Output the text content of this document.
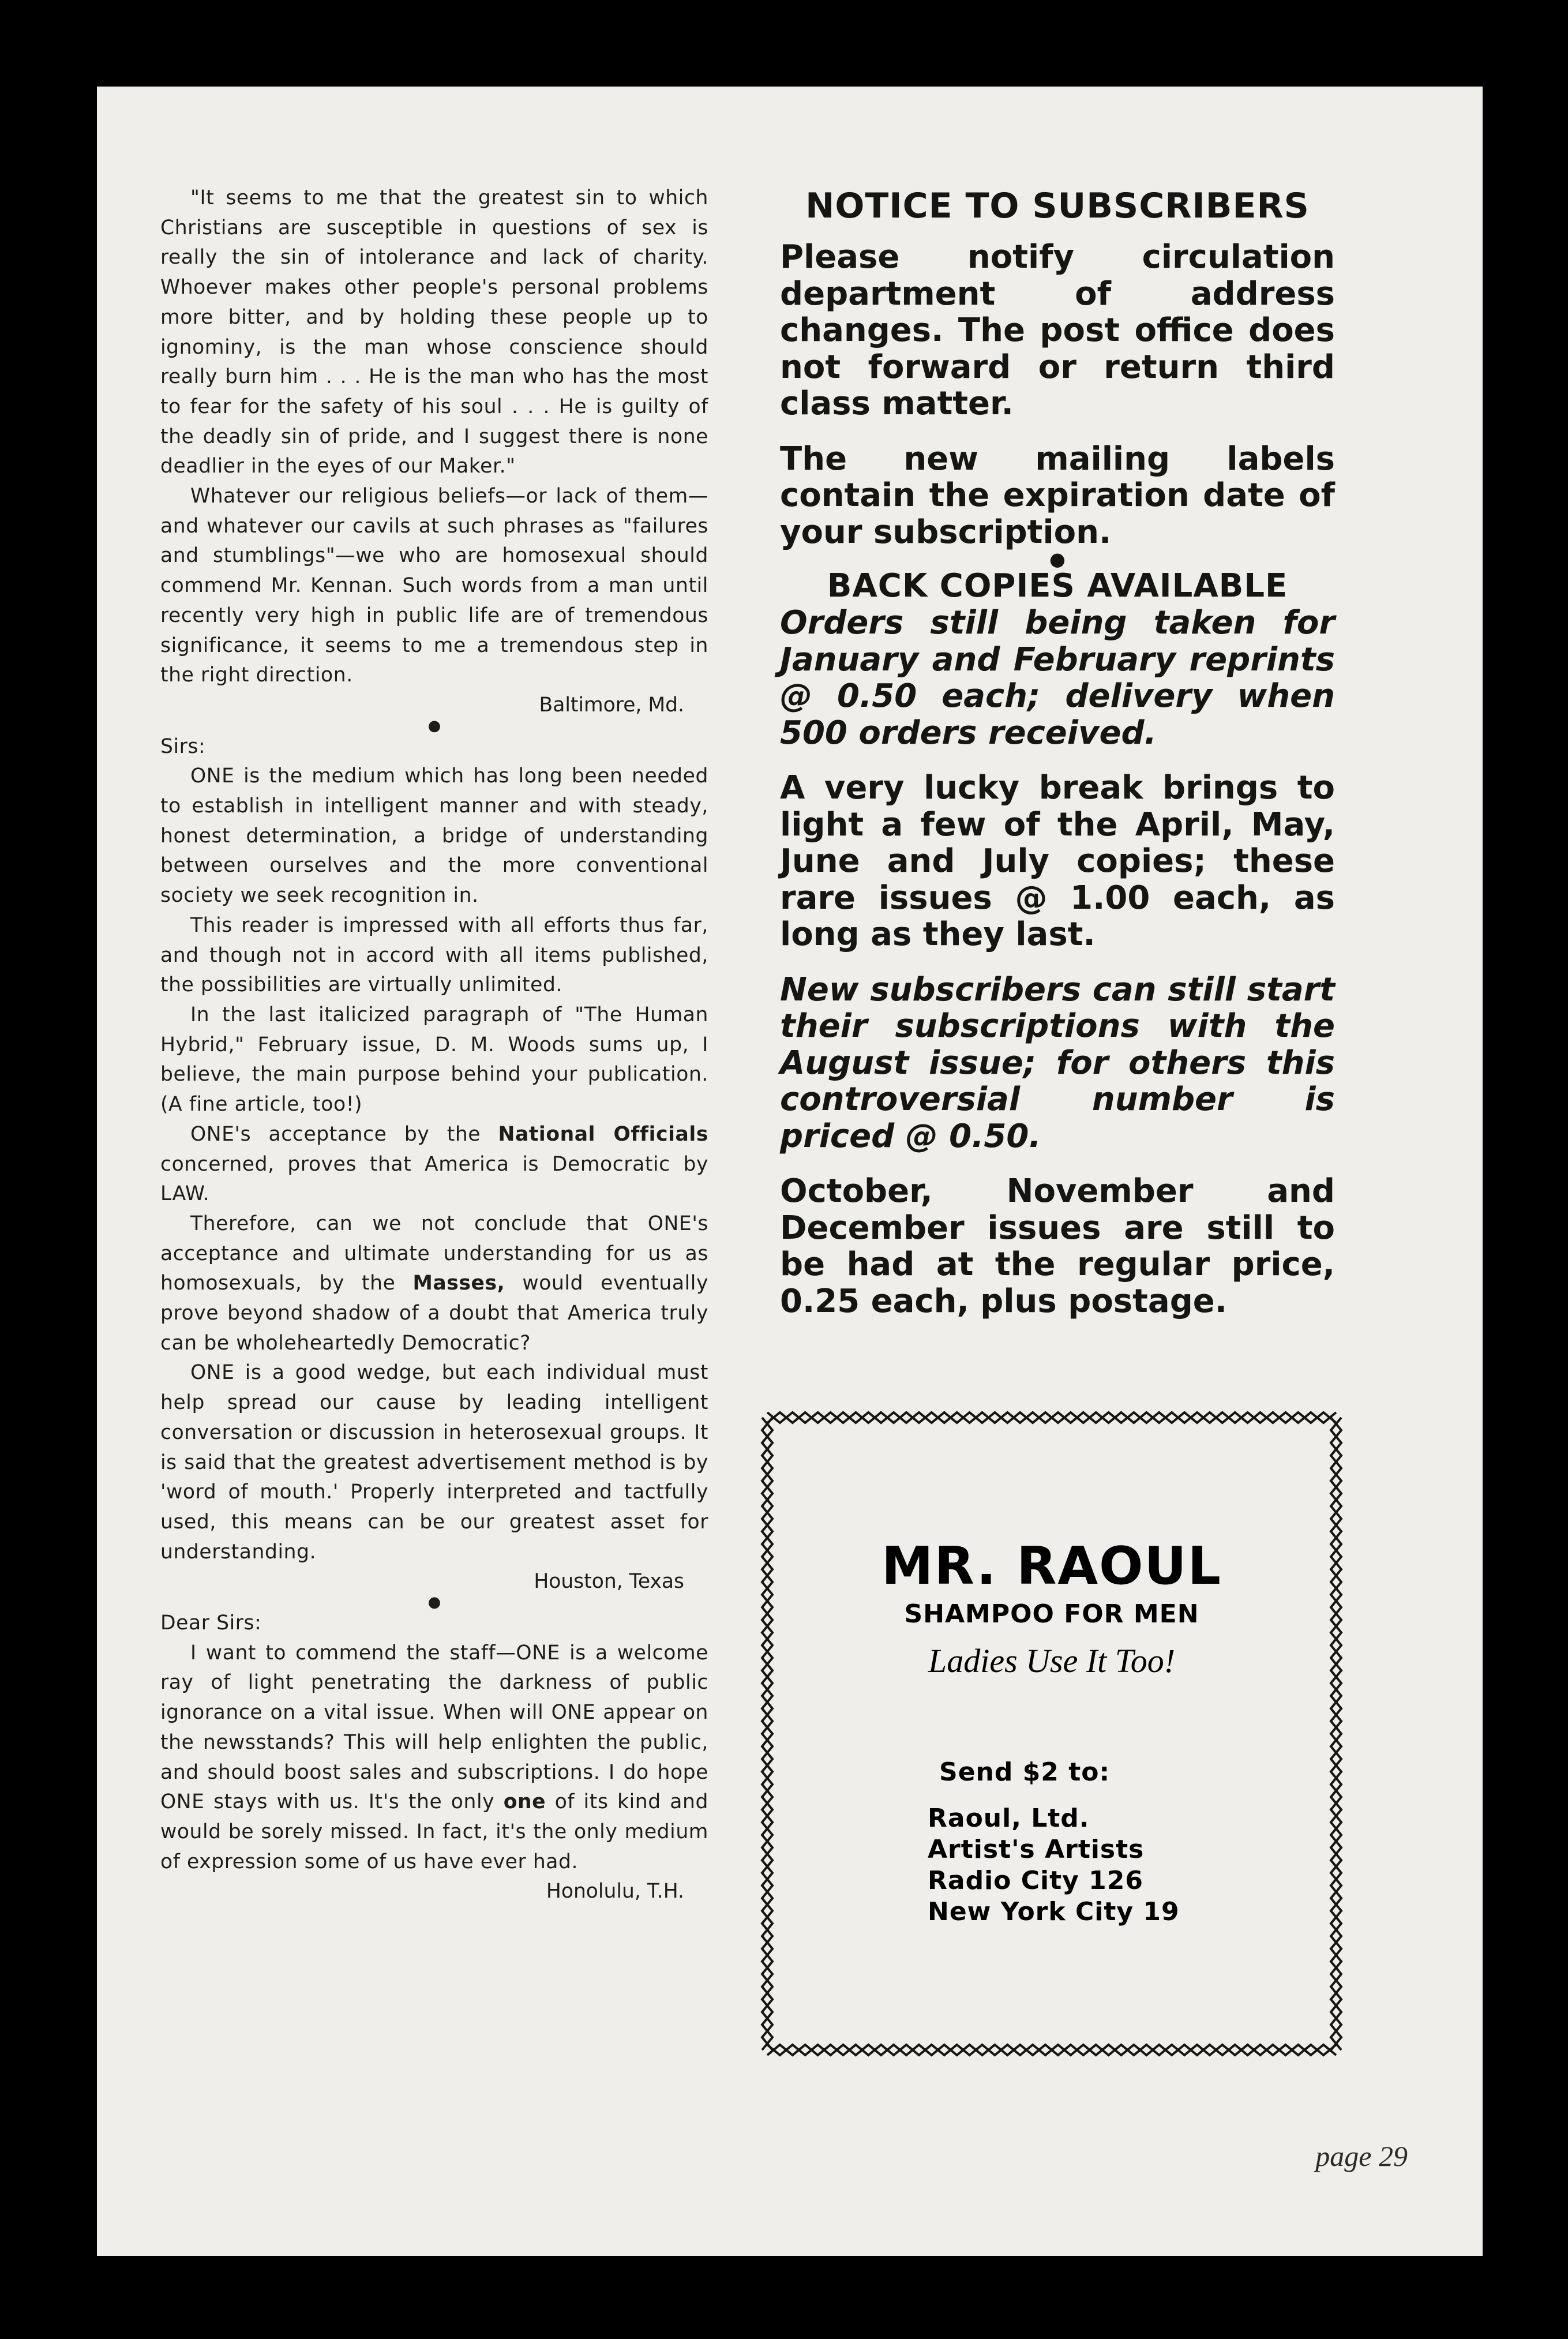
"It seems to me that the greatest sin to which Christians are susceptible in questions of sex is really the sin of intolerance and lack of charity. Whoever makes other people's personal problems more bitter, and by holding these people up to ignominy, is the man whose conscience should really burn him . . . He is the man who has the most to fear for the safety of his soul . . . He is guilty of the deadly sin of pride, and I suggest there is none deadlier in the eyes of our Maker."

Whatever our religious beliefs—or lack of them—and whatever our cavils at such phrases as "failures and stumblings"—we who are homosexual should commend Mr. Kennan. Such words from a man until recently very high in public life are of tremendous significance, it seems to me a tremendous step in the right direction.

Baltimore, Md.
●

Sirs:

ONE is the medium which has long been needed to establish in intelligent manner and with steady, honest determination, a bridge of understanding between ourselves and the more conventional society we seek recognition in.

This reader is impressed with all efforts thus far, and though not in accord with all items published, the possibilities are virtually unlimited.

In the last italicized paragraph of "The Human Hybrid," February issue, D. M. Woods sums up, I believe, the main purpose behind your publication. (A fine article, too!)

ONE's acceptance by the National Officials concerned, proves that America is Democratic by LAW.

Therefore, can we not conclude that ONE's acceptance and ultimate understanding for us as homosexuals, by the Masses, would eventually prove beyond shadow of a doubt that America truly can be wholeheartedly Democratic?

ONE is a good wedge, but each individual must help spread our cause by leading intelligent conversation or discussion in heterosexual groups. It is said that the greatest advertisement method is by 'word of mouth.' Properly interpreted and tactfully used, this means can be our greatest asset for understanding.

Houston, Texas
●

Dear Sirs:

I want to commend the staff—ONE is a welcome ray of light penetrating the darkness of public ignorance on a vital issue. When will ONE appear on the newsstands? This will help enlighten the public, and should boost sales and subscriptions. I do hope ONE stays with us. It's the only one of its kind and would be sorely missed. In fact, it's the only medium of expression some of us have ever had.

Honolulu, T.H.
NOTICE TO SUBSCRIBERS

Please notify circulation department of address changes. The post office does not forward or return third class matter.

The new mailing labels contain the expiration date of your subscription.

●
BACK COPIES AVAILABLE

Orders still being taken for January and February reprints @ 0.50 each; delivery when 500 orders received.

A very lucky break brings to light a few of the April, May, June and July copies; these rare issues @ 1.00 each, as long as they last.

New subscribers can still start their subscriptions with the August issue; for others this controversial number is priced @ 0.50.

October, November and December issues are still to be had at the regular price, 0.25 each, plus postage.

MR. RAOUL
SHAMPOO FOR MEN
Ladies Use It Too!
Send $2 to:
Raoul, Ltd.
Artist's Artists
Radio City 126
New York City 19
page 29
